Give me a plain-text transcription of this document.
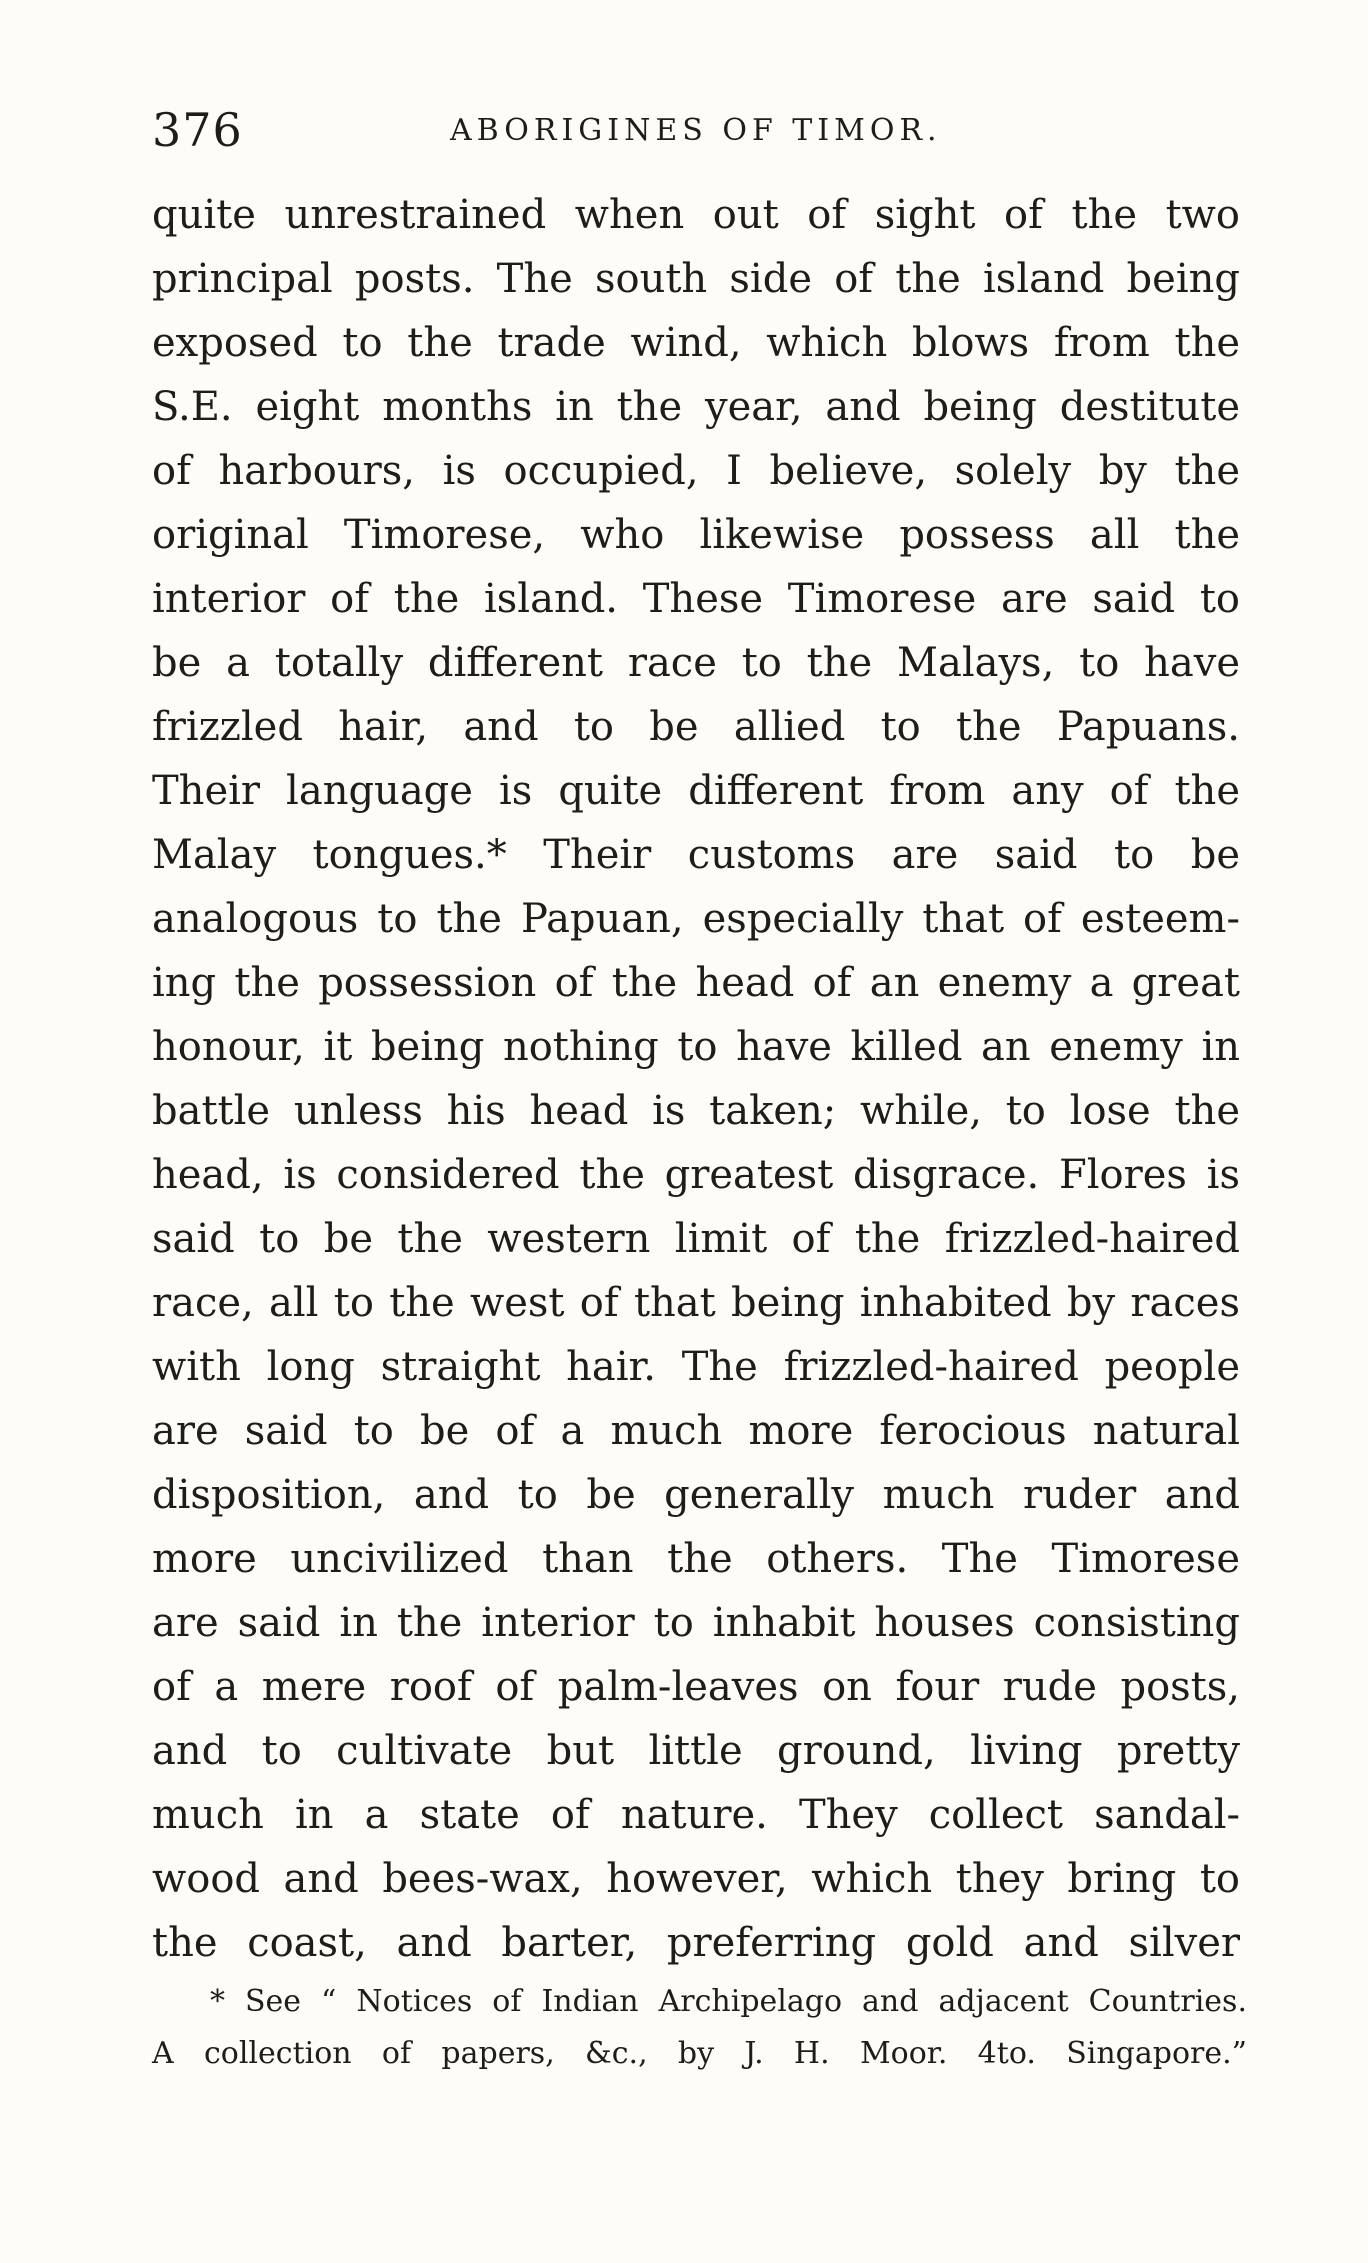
376	ABORIGINES OF TIMOR.
quite unrestrained when out of sight of the two
principal posts. The south side of the island being
exposed to the trade wind, which blows from the
S.E. eight months in the year, and being destitute
of harbours, is occupied, I believe, solely by the
original Timorese, who likewise possess all the
interior of the island. These Timorese are said to
be a totally different race to the Malays, to have
frizzled hair, and to be allied to the Papuans.
Their language is quite different from any of the
Malay tongues.* Their customs are said to be
analogous to the Papuan, especially that of esteem-
ing the possession of the head of an enemy a great
honour, it being nothing to have killed an enemy in
battle unless his head is taken; while, to lose the
head, is considered the greatest disgrace. Flores is
said to be the western limit of the frizzled-haired
race, all to the west of that being inhabited by races
with long straight hair. The frizzled-haired people
are said to be of a much more ferocious natural
disposition, and to be generally much ruder and
more uncivilized than the others. The Timorese
are said in the interior to inhabit houses consisting
of a mere roof of palm-leaves on four rude posts,
and to cultivate but little ground, living pretty
much in a state of nature. They collect sandal-
wood and bees-wax, however, which they bring to
the coast, and barter, preferring gold and silver
* See “ Notices of Indian Archipelago and adjacent Countries.
A collection of papers, &c., by J. H. Moor. 4to. Singapore.”
